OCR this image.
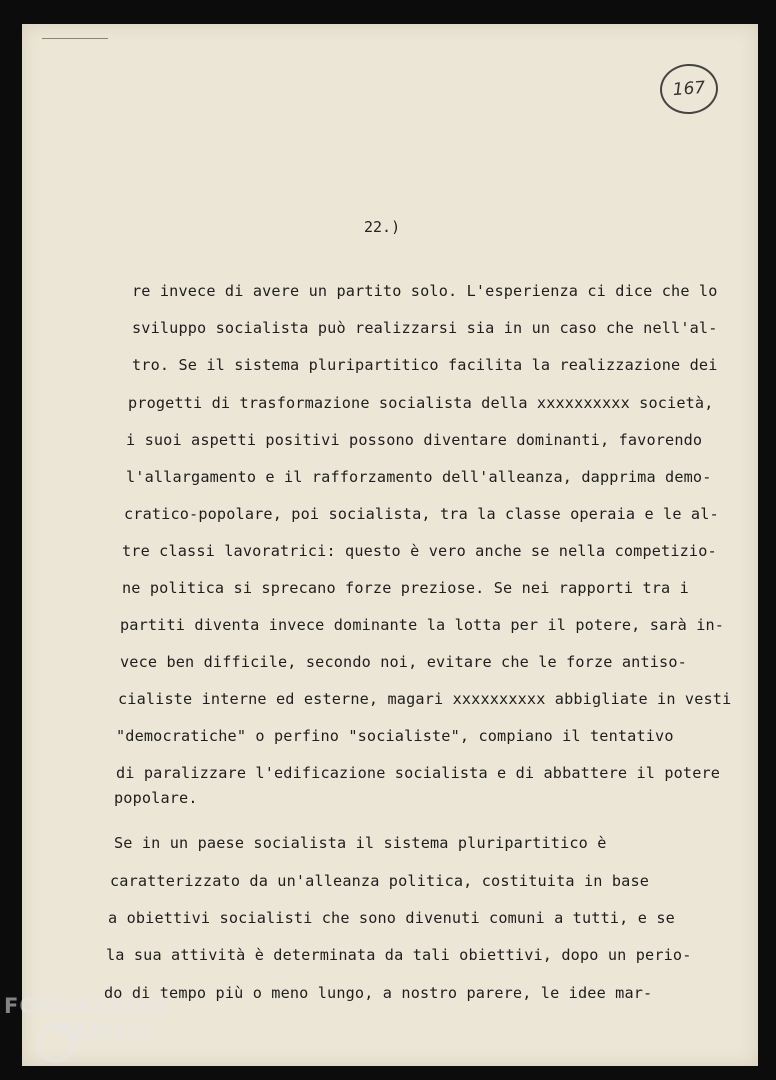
167
22.)
re invece di avere un partito solo. L'esperienza ci dice che lo
sviluppo socialista può realizzarsi sia in un caso che nell'al-
tro. Se il sistema pluripartitico facilita la realizzazione dei
progetti di trasformazione socialista della xxxxxxxxxx società,
i suoi aspetti positivi possono diventare dominanti, favorendo
l'allargamento e il rafforzamento dell'alleanza, dapprima demo-
cratico-popolare, poi socialista, tra la classe operaia e le al-
tre classi lavoratrici: questo è vero anche se nella competizio-
ne politica si sprecano forze preziose. Se nei rapporti tra i
partiti diventa invece dominante la lotta per il potere, sarà in-
vece ben difficile, secondo noi, evitare che le forze antiso-
cialiste interne ed esterne, magari xxxxxxxxxx abbigliate in vesti
"democratiche" o perfino "socialiste", compiano il tentativo
di paralizzare l'edificazione socialista e di abbattere il potere
popolare.
Se in un paese socialista il sistema pluripartitico è
caratterizzato da un'alleanza politica, costituita in base
a obiettivi socialisti che sono divenuti comuni a tutti, e se
la sua attività è determinata da tali obiettivi, dopo un perio-
do di tempo più o meno lungo, a nostro parere, le idee mar-
FONDAZIONE
RAMSCI
onlus
